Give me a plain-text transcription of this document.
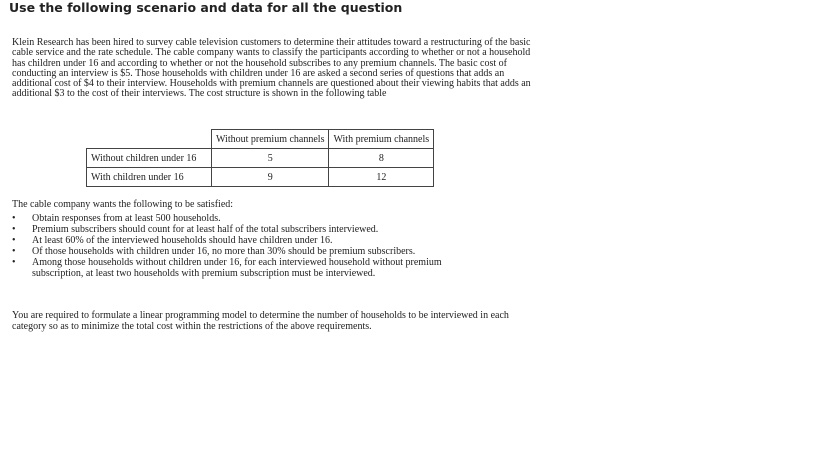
Use the following scenario and data for all the question

Klein Research has been hired to survey cable television customers to determine their attitudes toward a restructuring of the basic cable service and the rate schedule. The cable company wants to classify the participants according to whether or not a household has children under 16 and according to whether or not the household subscribes to any premium channels. The basic cost of conducting an interview is $5. Those households with children under 16 are asked a second series of questions that adds an additional cost of $4 to their interview. Households with premium channels are questioned about their viewing habits that adds an additional $3 to the cost of their interviews. The cost structure is shown in the following table

	Without premium channels	With premium channels
Without children under 16	5	8
With children under 16	9	12
The cable company wants the following to be satisfied:
• Obtain responses from at least 500 households.
• Premium subscribers should count for at least half of the total subscribers interviewed.
• At least 60% of the interviewed households should have children under 16.
• Of those households with children under 16, no more than 30% should be premium subscribers.
• Among those households without children under 16, for each interviewed household without premium subscription, at least two households with premium subscription must be interviewed.

You are required to formulate a linear programming model to determine the number of households to be interviewed in each category so as to minimize the total cost within the restrictions of the above requirements.
